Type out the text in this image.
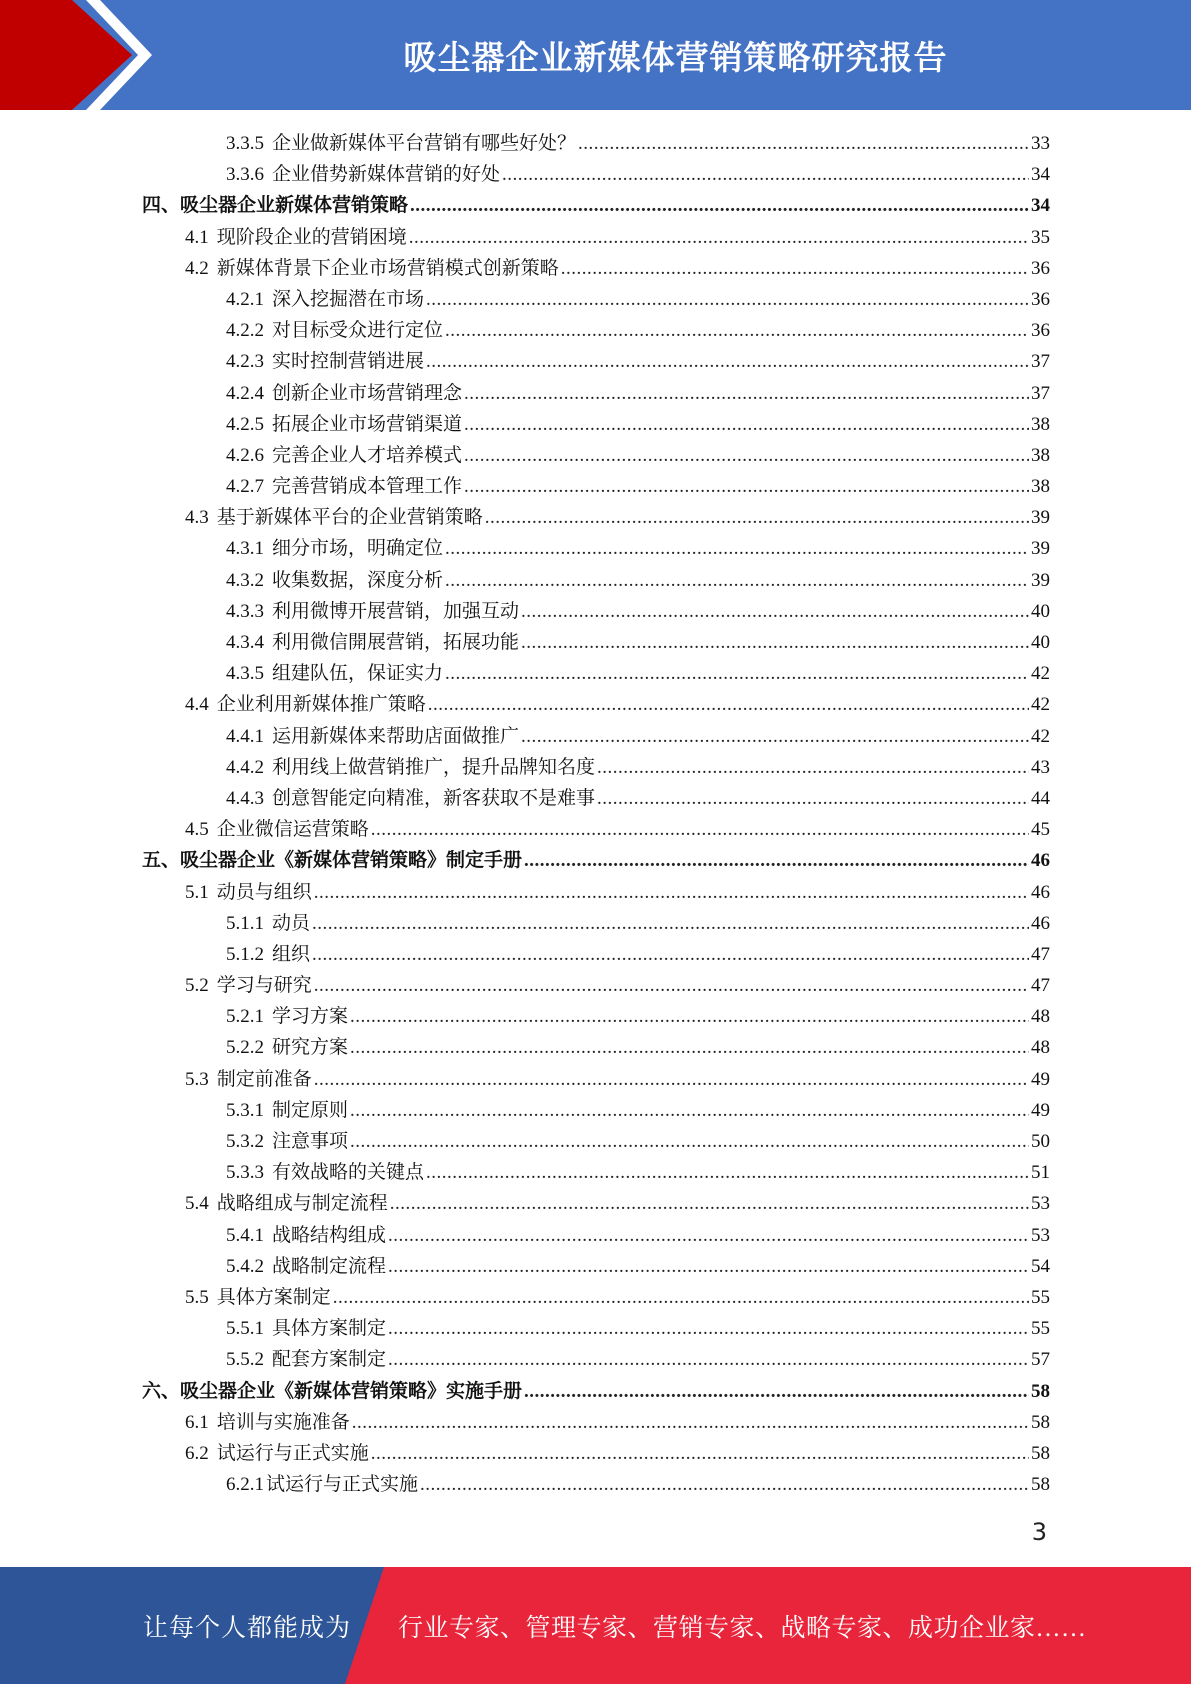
吸尘器企业新媒体营销策略研究报告
3.3.5 企业做新媒体平台营销有哪些好处？ .....	33
3.3.6 企业借势新媒体营销的好处 .....	34
四、吸尘器企业新媒体营销策略 .....	34
4.1 现阶段企业的营销困境 .....	35
4.2 新媒体背景下企业市场营销模式创新策略 .....	36
4.2.1 深入挖掘潜在市场 .....	36
4.2.2 对目标受众进行定位 .....	36
4.2.3 实时控制营销进展 .....	37
4.2.4 创新企业市场营销理念 .....	37
4.2.5 拓展企业市场营销渠道 .....	38
4.2.6 完善企业人才培养模式 .....	38
4.2.7 完善营销成本管理工作 .....	38
4.3 基于新媒体平台的企业营销策略 .....	39
4.3.1 细分市场，明确定位 .....	39
4.3.2 收集数据，深度分析 .....	39
4.3.3 利用微博开展营销，加强互动 .....	40
4.3.4 利用微信開展营销，拓展功能 .....	40
4.3.5 组建队伍，保证实力 .....	42
4.4 企业利用新媒体推广策略 .....	42
4.4.1 运用新媒体来帮助店面做推广 .....	42
4.4.2 利用线上做营销推广，提升品牌知名度 .....	43
4.4.3 创意智能定向精准，新客获取不是难事 .....	44
4.5 企业微信运营策略 .....	45
五、吸尘器企业《新媒体营销策略》制定手册 .....	46
5.1 动员与组织 .....	46
5.1.1 动员 .....	46
5.1.2 组织 .....	47
5.2 学习与研究 .....	47
5.2.1 学习方案 .....	48
5.2.2 研究方案 .....	48
5.3 制定前准备 .....	49
5.3.1 制定原则 .....	49
5.3.2 注意事项 .....	50
5.3.3 有效战略的关键点 .....	51
5.4 战略组成与制定流程 .....	53
5.4.1 战略结构组成 .....	53
5.4.2 战略制定流程 .....	54
5.5 具体方案制定 .....	55
5.5.1 具体方案制定 .....	55
5.5.2 配套方案制定 .....	57
六、吸尘器企业《新媒体营销策略》实施手册 .....	58
6.1 培训与实施准备 .....	58
6.2 试运行与正式实施 .....	58
6.2.1 试运行与正式实施 .....	58
3
让每个人都能成为 行业专家、管理专家、营销专家、战略专家、成功企业家……
